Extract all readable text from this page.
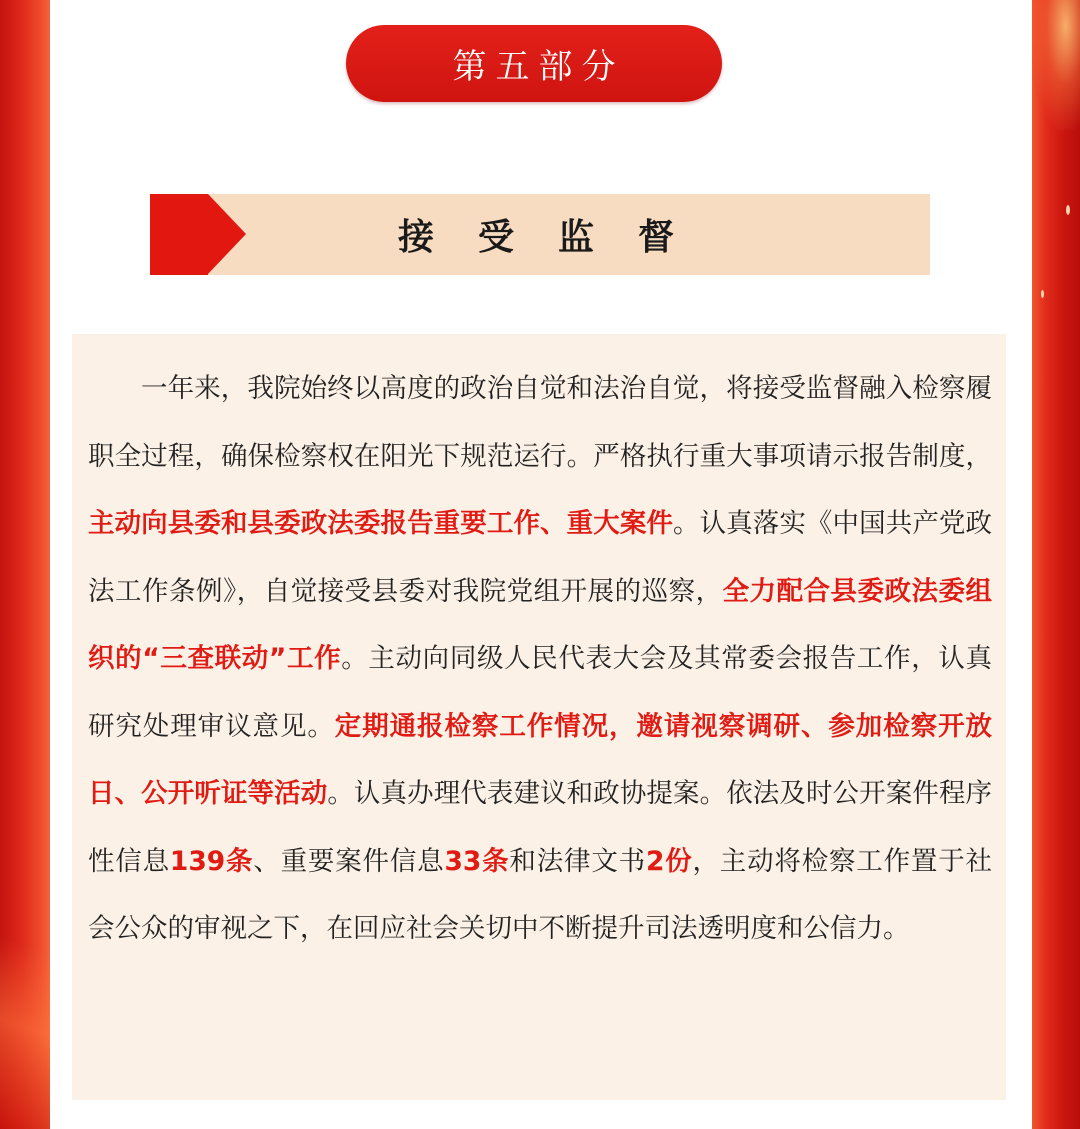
第五部分
接受监督

一年来，我院始终以高度的政治自觉和法治自觉，将接受监督融入检察履职全过程，确保检察权在阳光下规范运行。严格执行重大事项请示报告制度，主动向县委和县委政法委报告重要工作、重大案件。认真落实《中国共产党政法工作条例》，自觉接受县委对我院党组开展的巡察，全力配合县委政法委组织的“三查联动”工作。主动向同级人民代表大会及其常委会报告工作，认真研究处理审议意见。定期通报检察工作情况，邀请视察调研、参加检察开放日、公开听证等活动。认真办理代表建议和政协提案。依法及时公开案件程序性信息139条、重要案件信息33条和法律文书2份，主动将检察工作置于社会公众的审视之下，在回应社会关切中不断提升司法透明度和公信力。
